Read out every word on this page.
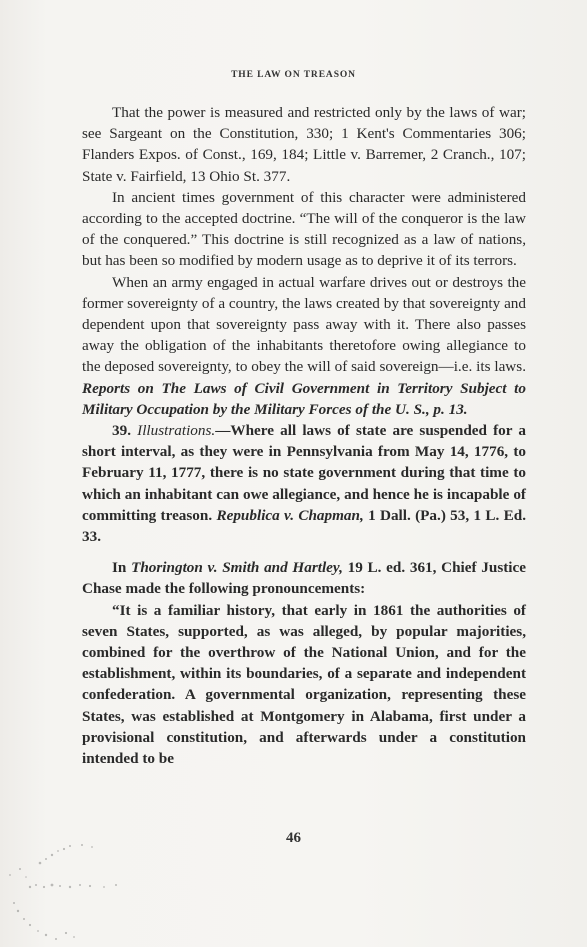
THE LAW ON TREASON

That the power is measured and restricted only by the laws of war; see Sargeant on the Constitution, 330; 1 Kent's Commentaries 306; Flanders Expos. of Const., 169, 184; Little v. Barremer, 2 Cranch., 107; State v. Fairfield, 13 Ohio St. 377.

In ancient times government of this character were administered according to the accepted doctrine. “The will of the conqueror is the law of the conquered.” This doctrine is still recognized as a law of nations, but has been so modified by modern usage as to deprive it of its terrors.

When an army engaged in actual warfare drives out or destroys the former sovereignty of a country, the laws created by that sovereignty and dependent upon that sovereignty pass away with it. There also passes away the obligation of the inhabitants theretofore owing allegiance to the deposed sovereignty, to obey the will of said sovereign—i.e. its laws. Reports on The Laws of Civil Government in Territory Subject to Military Occupation by the Military Forces of the U. S., p. 13.

39. Illustrations.—Where all laws of state are suspended for a short interval, as they were in Pennsylvania from May 14, 1776, to February 11, 1777, there is no state government during that time to which an inhabitant can owe allegiance, and hence he is incapable of committing treason. Republica v. Chapman, 1 Dall. (Pa.) 53, 1 L. Ed. 33.

In Thorington v. Smith and Hartley, 19 L. ed. 361, Chief Justice Chase made the following pronouncements:

“It is a familiar history, that early in 1861 the authorities of seven States, supported, as was alleged, by popular majorities, combined for the overthrow of the National Union, and for the establishment, within its boundaries, of a separate and independent confederation. A governmental organization, representing these States, was established at Montgomery in Alabama, first under a provisional constitution, and afterwards under a constitution intended to be

46
